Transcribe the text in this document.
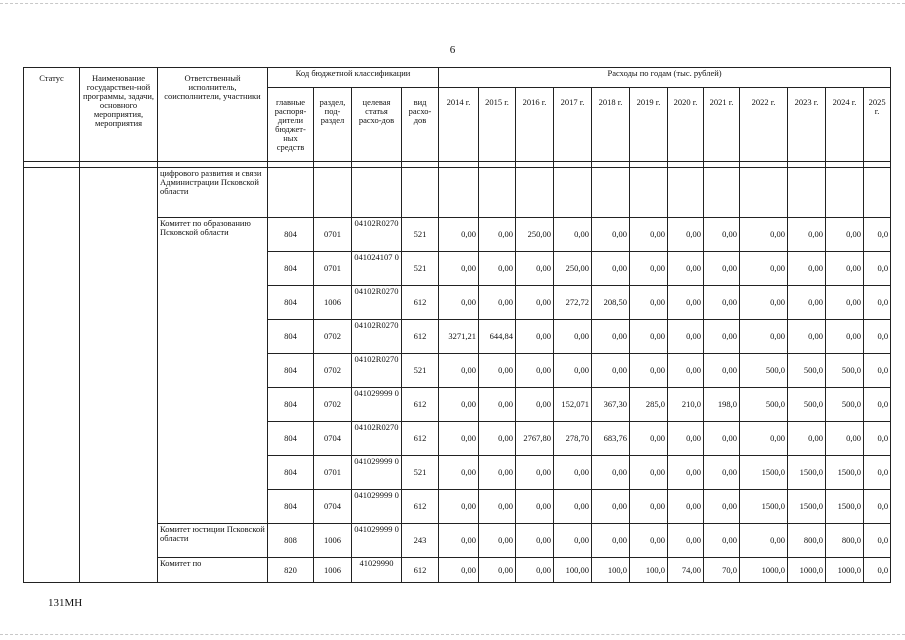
6
Статус	Наименование государствен-ной программы, задачи, основного мероприятия, мероприятия	Ответственный исполнитель, соисполнители, участники	Код бюджетной классификации				Расходы по годам (тыс. рублей)											
			главные распоря-дители бюджет-ных средств	раздел, под-раздел	целевая статья расхо-дов	вид расхо-дов	2014 г.	2015 г.	2016 г.	2017 г.	2018 г.	2019 г.	2020 г.	2021 г.	2022 г.	2023 г.	2024 г.	2025 г.

		цифрового развития и связи Администрации Псковской области																
		Комитет по образованию Псковской области	804	0701	04102R0270	521	0,00	0,00	250,00	0,00	0,00	0,00	0,00	0,00	0,00	0,00	0,00	0,0
			804	0701	041024107 0	521	0,00	0,00	0,00	250,00	0,00	0,00	0,00	0,00	0,00	0,00	0,00	0,0
			804	1006	04102R0270	612	0,00	0,00	0,00	272,72	208,50	0,00	0,00	0,00	0,00	0,00	0,00	0,0
			804	0702	04102R0270	612	3271,21	644,84	0,00	0,00	0,00	0,00	0,00	0,00	0,00	0,00	0,00	0,0
			804	0702	04102R0270	521	0,00	0,00	0,00	0,00	0,00	0,00	0,00	0,00	500,0	500,0	500,0	0,0
			804	0702	041029999 0	612	0,00	0,00	0,00	152,071	367,30	285,0	210,0	198,0	500,0	500,0	500,0	0,0
			804	0704	04102R0270	612	0,00	0,00	2767,80	278,70	683,76	0,00	0,00	0,00	0,00	0,00	0,00	0,0
			804	0701	041029999 0	521	0,00	0,00	0,00	0,00	0,00	0,00	0,00	0,00	1500,0	1500,0	1500,0	0,0
			804	0704	041029999 0	612	0,00	0,00	0,00	0,00	0,00	0,00	0,00	0,00	1500,0	1500,0	1500,0	0,0
		Комитет юстиции Псковской области	808	1006	041029999 0	243	0,00	0,00	0,00	0,00	0,00	0,00	0,00	0,00	0,00	800,0	800,0	0,0
		Комитет по	820	1006	41029990	612	0,00	0,00	0,00	100,00	100,0	100,0	74,00	70,0	1000,0	1000,0	1000,0	0,0
131МН
